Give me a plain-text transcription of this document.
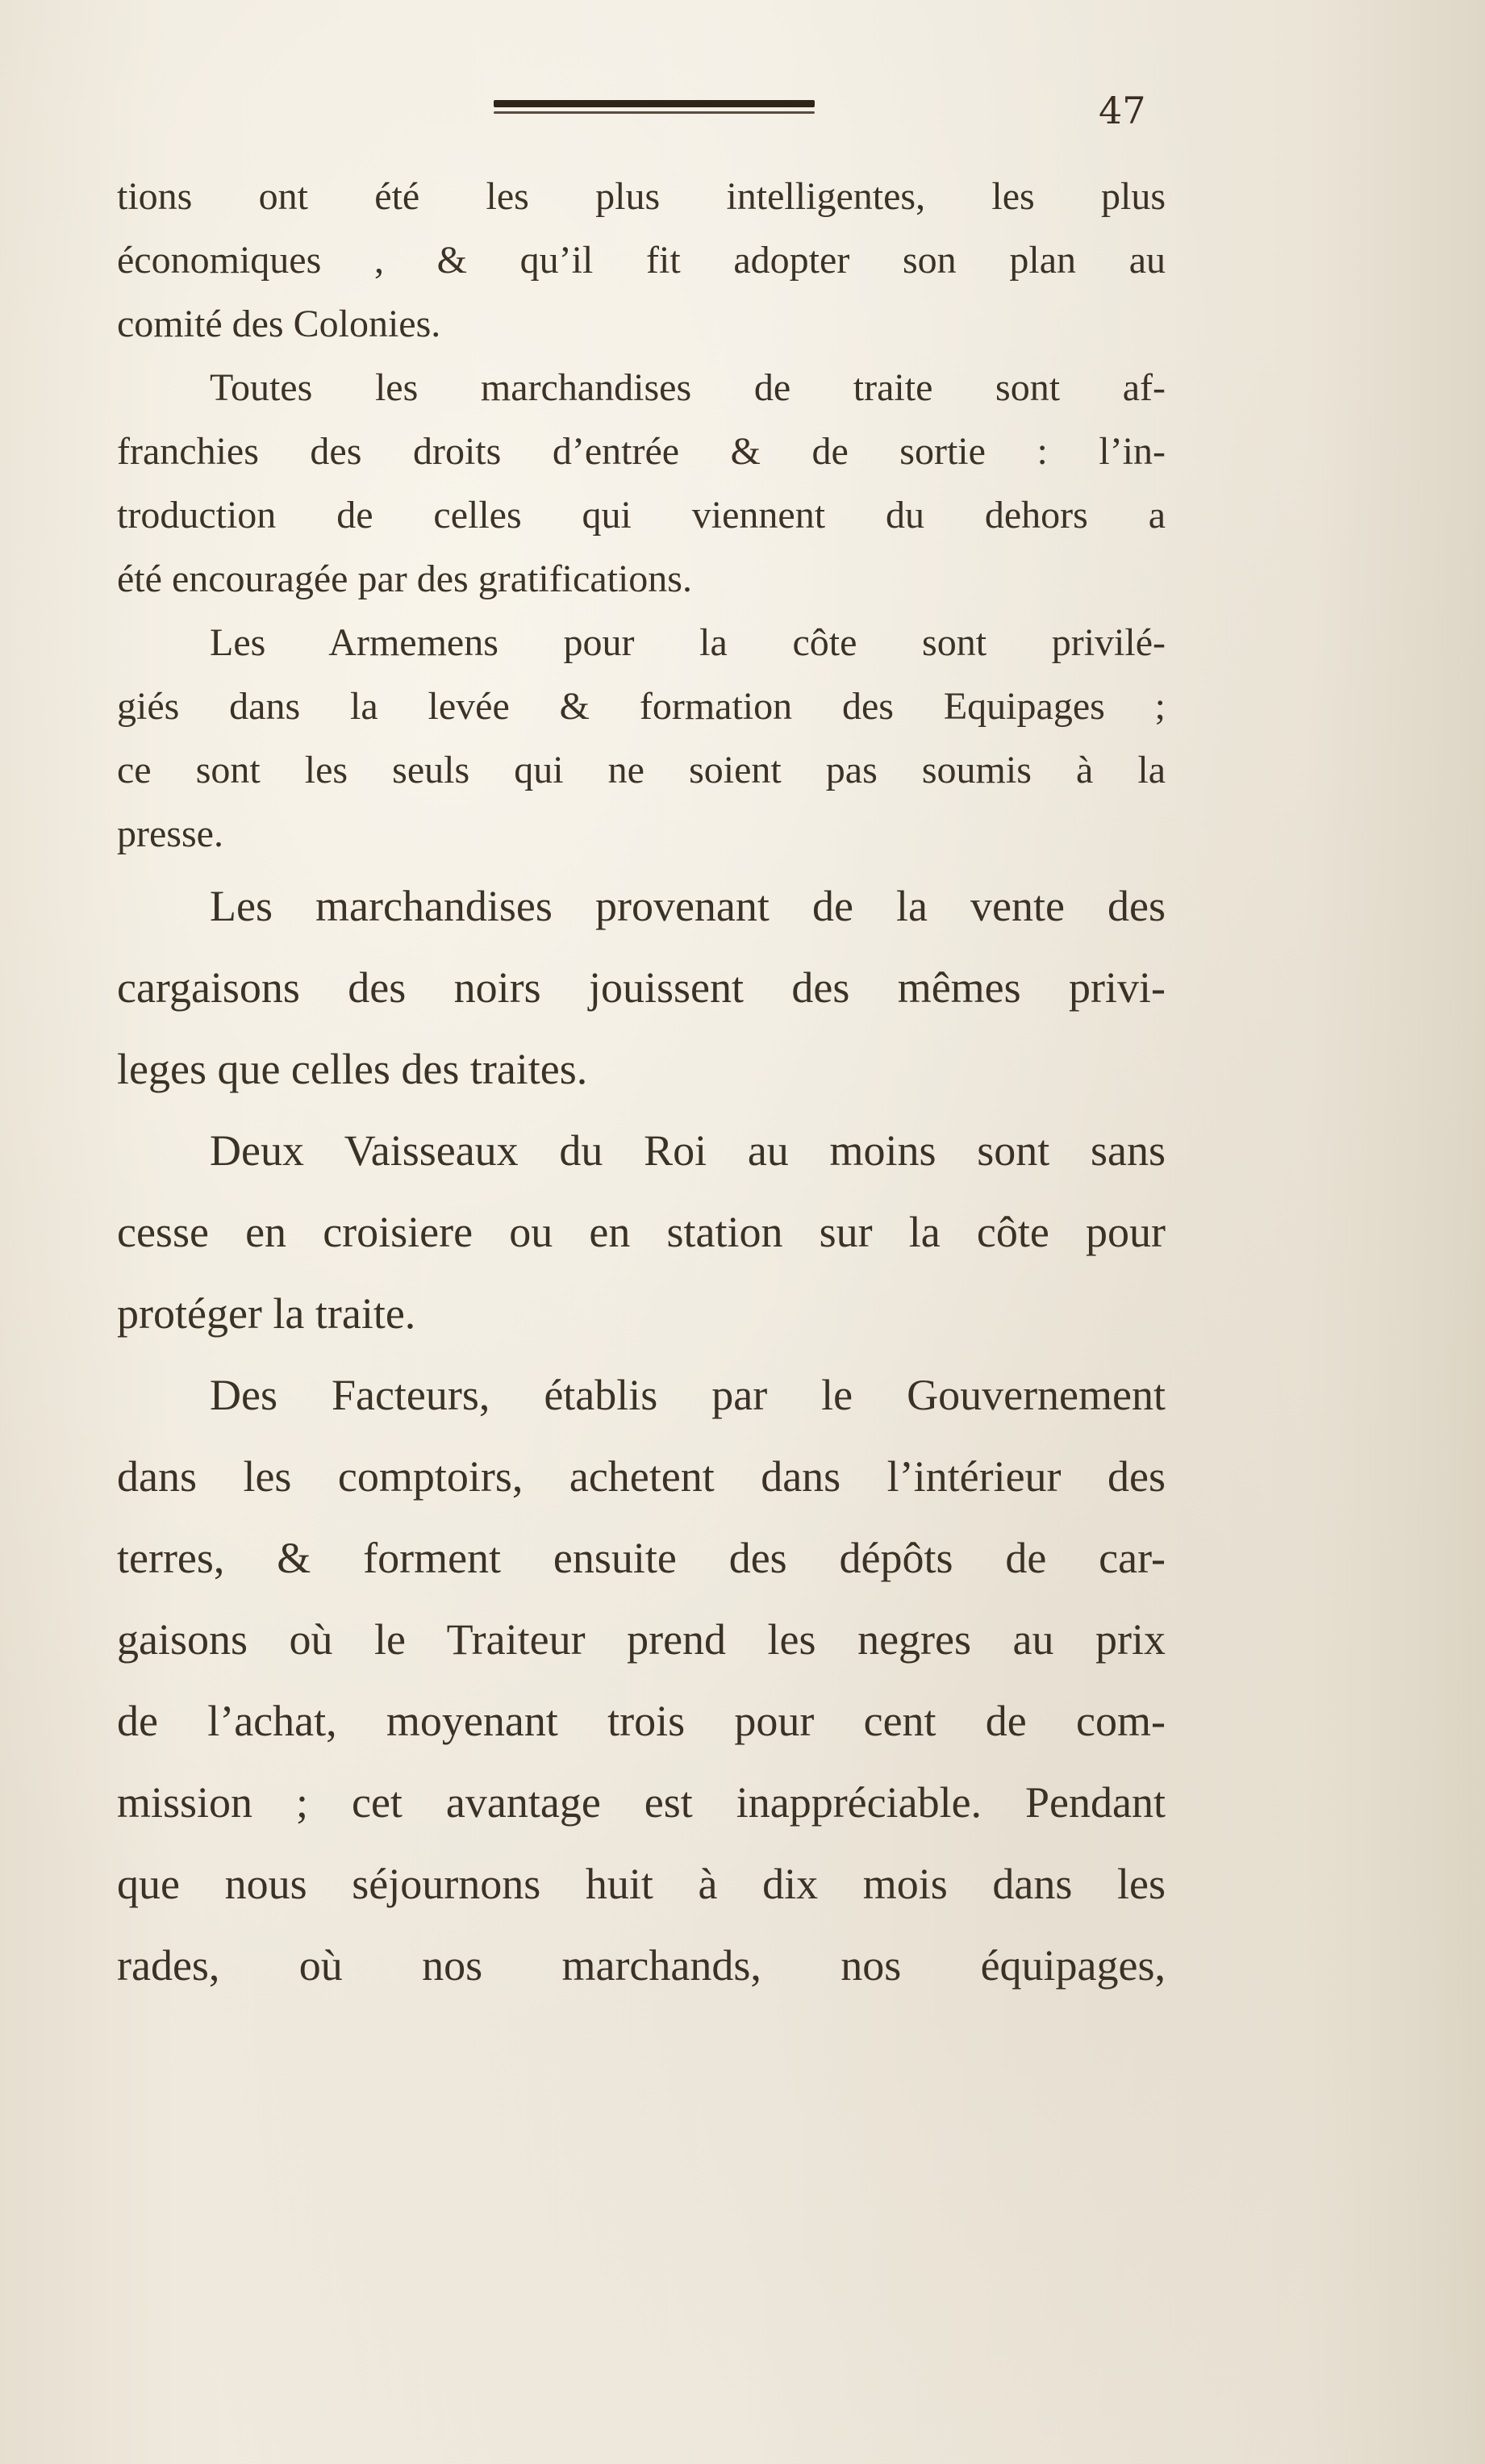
47
tions ont été les plus intelligentes, les plus
économiques , & qu’il fit adopter son plan au
comité des Colonies.
Toutes les marchandises de traite sont af-
franchies des droits d’entrée & de sortie : l’in-
troduction de celles qui viennent du dehors a
été encouragée par des gratifications.
Les Armemens pour la côte sont privilé-
giés dans la levée & formation des Equipages ;
ce sont les seuls qui ne soient pas soumis à la
presse.
Les marchandises provenant de la vente des
cargaisons des noirs jouissent des mêmes privi-
leges que celles des traites.
Deux Vaisseaux du Roi au moins sont sans
cesse en croisiere ou en station sur la côte pour
protéger la traite.
Des Facteurs, établis par le Gouvernement
dans les comptoirs, achetent dans l’intérieur des
terres, & forment ensuite des dépôts de car-
gaisons où le Traiteur prend les negres au prix
de l’achat, moyenant trois pour cent de com-
mission ; cet avantage est inappréciable. Pendant
que nous séjournons huit à dix mois dans les
rades, où nos marchands, nos équipages,
